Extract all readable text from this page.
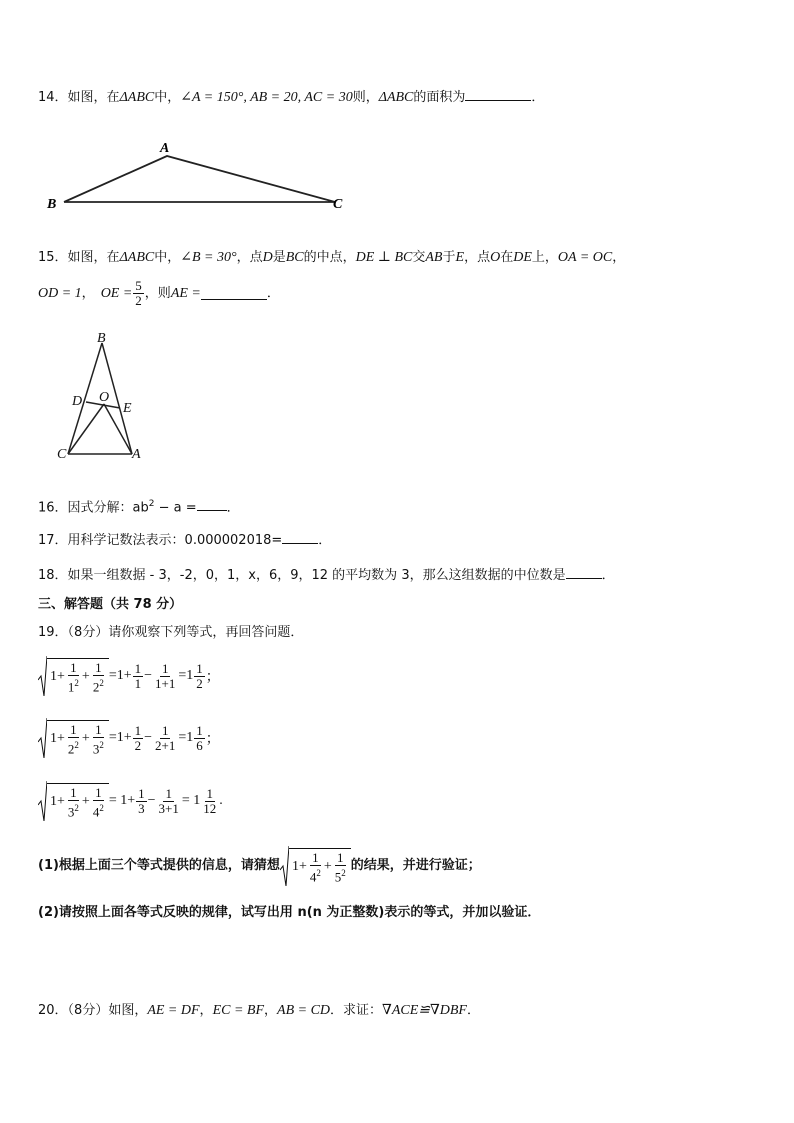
14．如图，在ΔABC中，∠A = 150°, AB = 20, AC = 30则，ΔABC的面积为	．
A
B	C
15．如图，在ΔABC中，∠B = 30°，点D是BC的中点，DE ⊥ BC交AB于E，点O在DE上，OA = OC，
OD = 1 ， OE = $\frac{5}{2}$ ，则 AE =	．
B
D O
E
C	A
16．因式分解：$ab^2 - a$ = ．
17．用科学记数法表示：0.000002018=	．
18．如果一组数据 - 3，-2，0，1，x，6，9，12 的平均数为 3，那么这组数据的中位数是	．
三、解答题（共 78 分）
19．（8分）请你观察下列等式，再回答问题．
$1 + \frac{1}{1^2} + \frac{1}{2^2} =1+ \frac{1}{1} - \frac{1}{1+1} =1 \frac{1}{2}$ ；
$1 + \frac{1}{2^2} + \frac{1}{3^2} =1+ \frac{1}{2} - \frac{1}{2+1} =1 \frac{1}{6}$ ；
$1 + \frac{1}{3^2} + \frac{1}{4^2} = 1+ \frac{1}{3} - \frac{1}{3+1} = 1 \frac{1}{12}$ .
(1)根据上面三个等式提供的信息，请猜想 $1 + \frac{1}{4^2} + \frac{1}{5^2}$ 的结果，并进行验证；
(2)请按照上面各等式反映的规律，试写出用 n(n 为正整数)表示的等式，并加以验证．
20．（8分）如图，AE = DF，EC = BF，AB = CD．求证：∇ACE≌∇DBF．
